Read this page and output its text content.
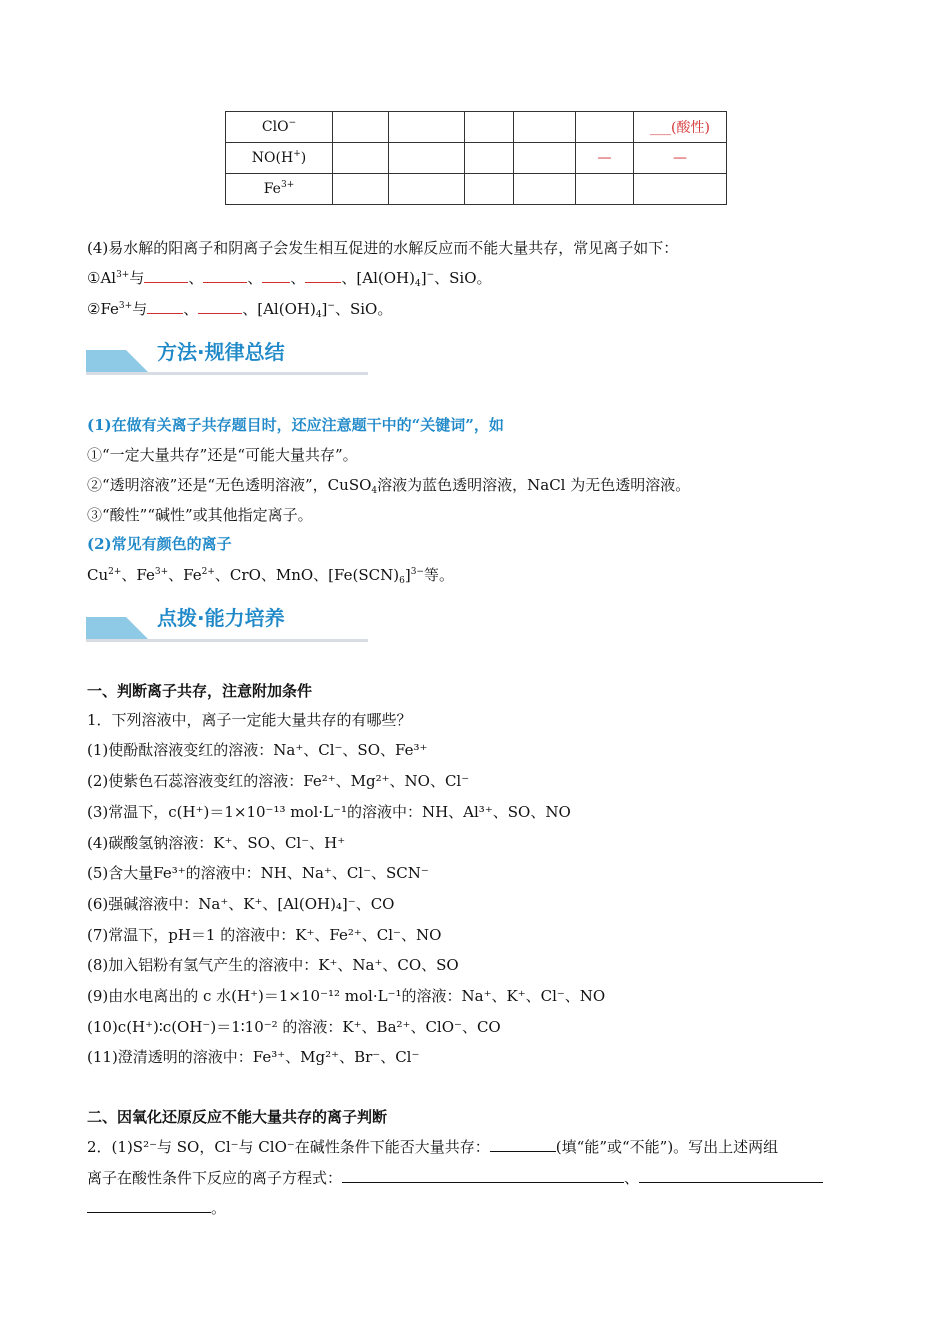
ClO−						___(酸性)
NO(H+)					—	—
$Fe^{3+}$						
(4)易水解的阳离子和阴离子会发生相互促进的水解反应而不能大量共存，常见离子如下：
$①Al^{3+}$与	、	、 、 、$[Al(OH)_4]^-$、SiO。
$②Fe^{3+}$与 、	、$[Al(OH)_4]^-$、SiO。
方法·规律总结
(1)在做有关离子共存题目时，还应注意题干中的“关键词”，如
①“一定大量共存”还是“可能大量共存”。
②“透明溶液”还是“无色透明溶液”，CuSO$_4$溶液为蓝色透明溶液，NaCl 为无色透明溶液。
③“酸性”“碱性”或其他指定离子。
(2)常见有颜色的离子
$Cu^{2+}$、$Fe^{3+}$、$Fe^{2+}$、CrO、MnO、$[Fe(SCN)_6]^{3-}$等。
点拨·能力培养
一、判断离子共存，注意附加条件
1．下列溶液中，离子一定能大量共存的有哪些？
(1)使酚酞溶液变红的溶液：Na⁺、Cl⁻、SO、Fe³⁺
(2)使紫色石蕊溶液变红的溶液：Fe²⁺、Mg²⁺、NO、Cl⁻
(3)常温下，c(H⁺)＝1×10⁻¹³ mol·L⁻¹的溶液中：NH、Al³⁺、SO、NO
(4)碳酸氢钠溶液：K⁺、SO、Cl⁻、H⁺
(5)含大量Fe³⁺的溶液中：NH、Na⁺、Cl⁻、SCN⁻
(6)强碱溶液中：Na⁺、K⁺、[Al(OH)₄]⁻、CO
(7)常温下，pH＝1 的溶液中：K⁺、Fe²⁺、Cl⁻、NO
(8)加入铝粉有氢气产生的溶液中：K⁺、Na⁺、CO、SO
(9)由水电离出的 c 水(H⁺)＝1×10⁻¹² mol·L⁻¹的溶液：Na⁺、K⁺、Cl⁻、NO
(10)c(H⁺)∶c(OH⁻)＝1∶10⁻² 的溶液：K⁺、Ba²⁺、ClO⁻、CO
(11)澄清透明的溶液中：Fe³⁺、Mg²⁺、Br⁻、Cl⁻
二、因氧化还原反应不能大量共存的离子判断
2．(1)S²⁻与 SO，Cl⁻与 ClO⁻在碱性条件下能否大量共存：	(填“能”或“不能”)。写出上述两组
离子在酸性条件下反应的离子方程式：	、
。
